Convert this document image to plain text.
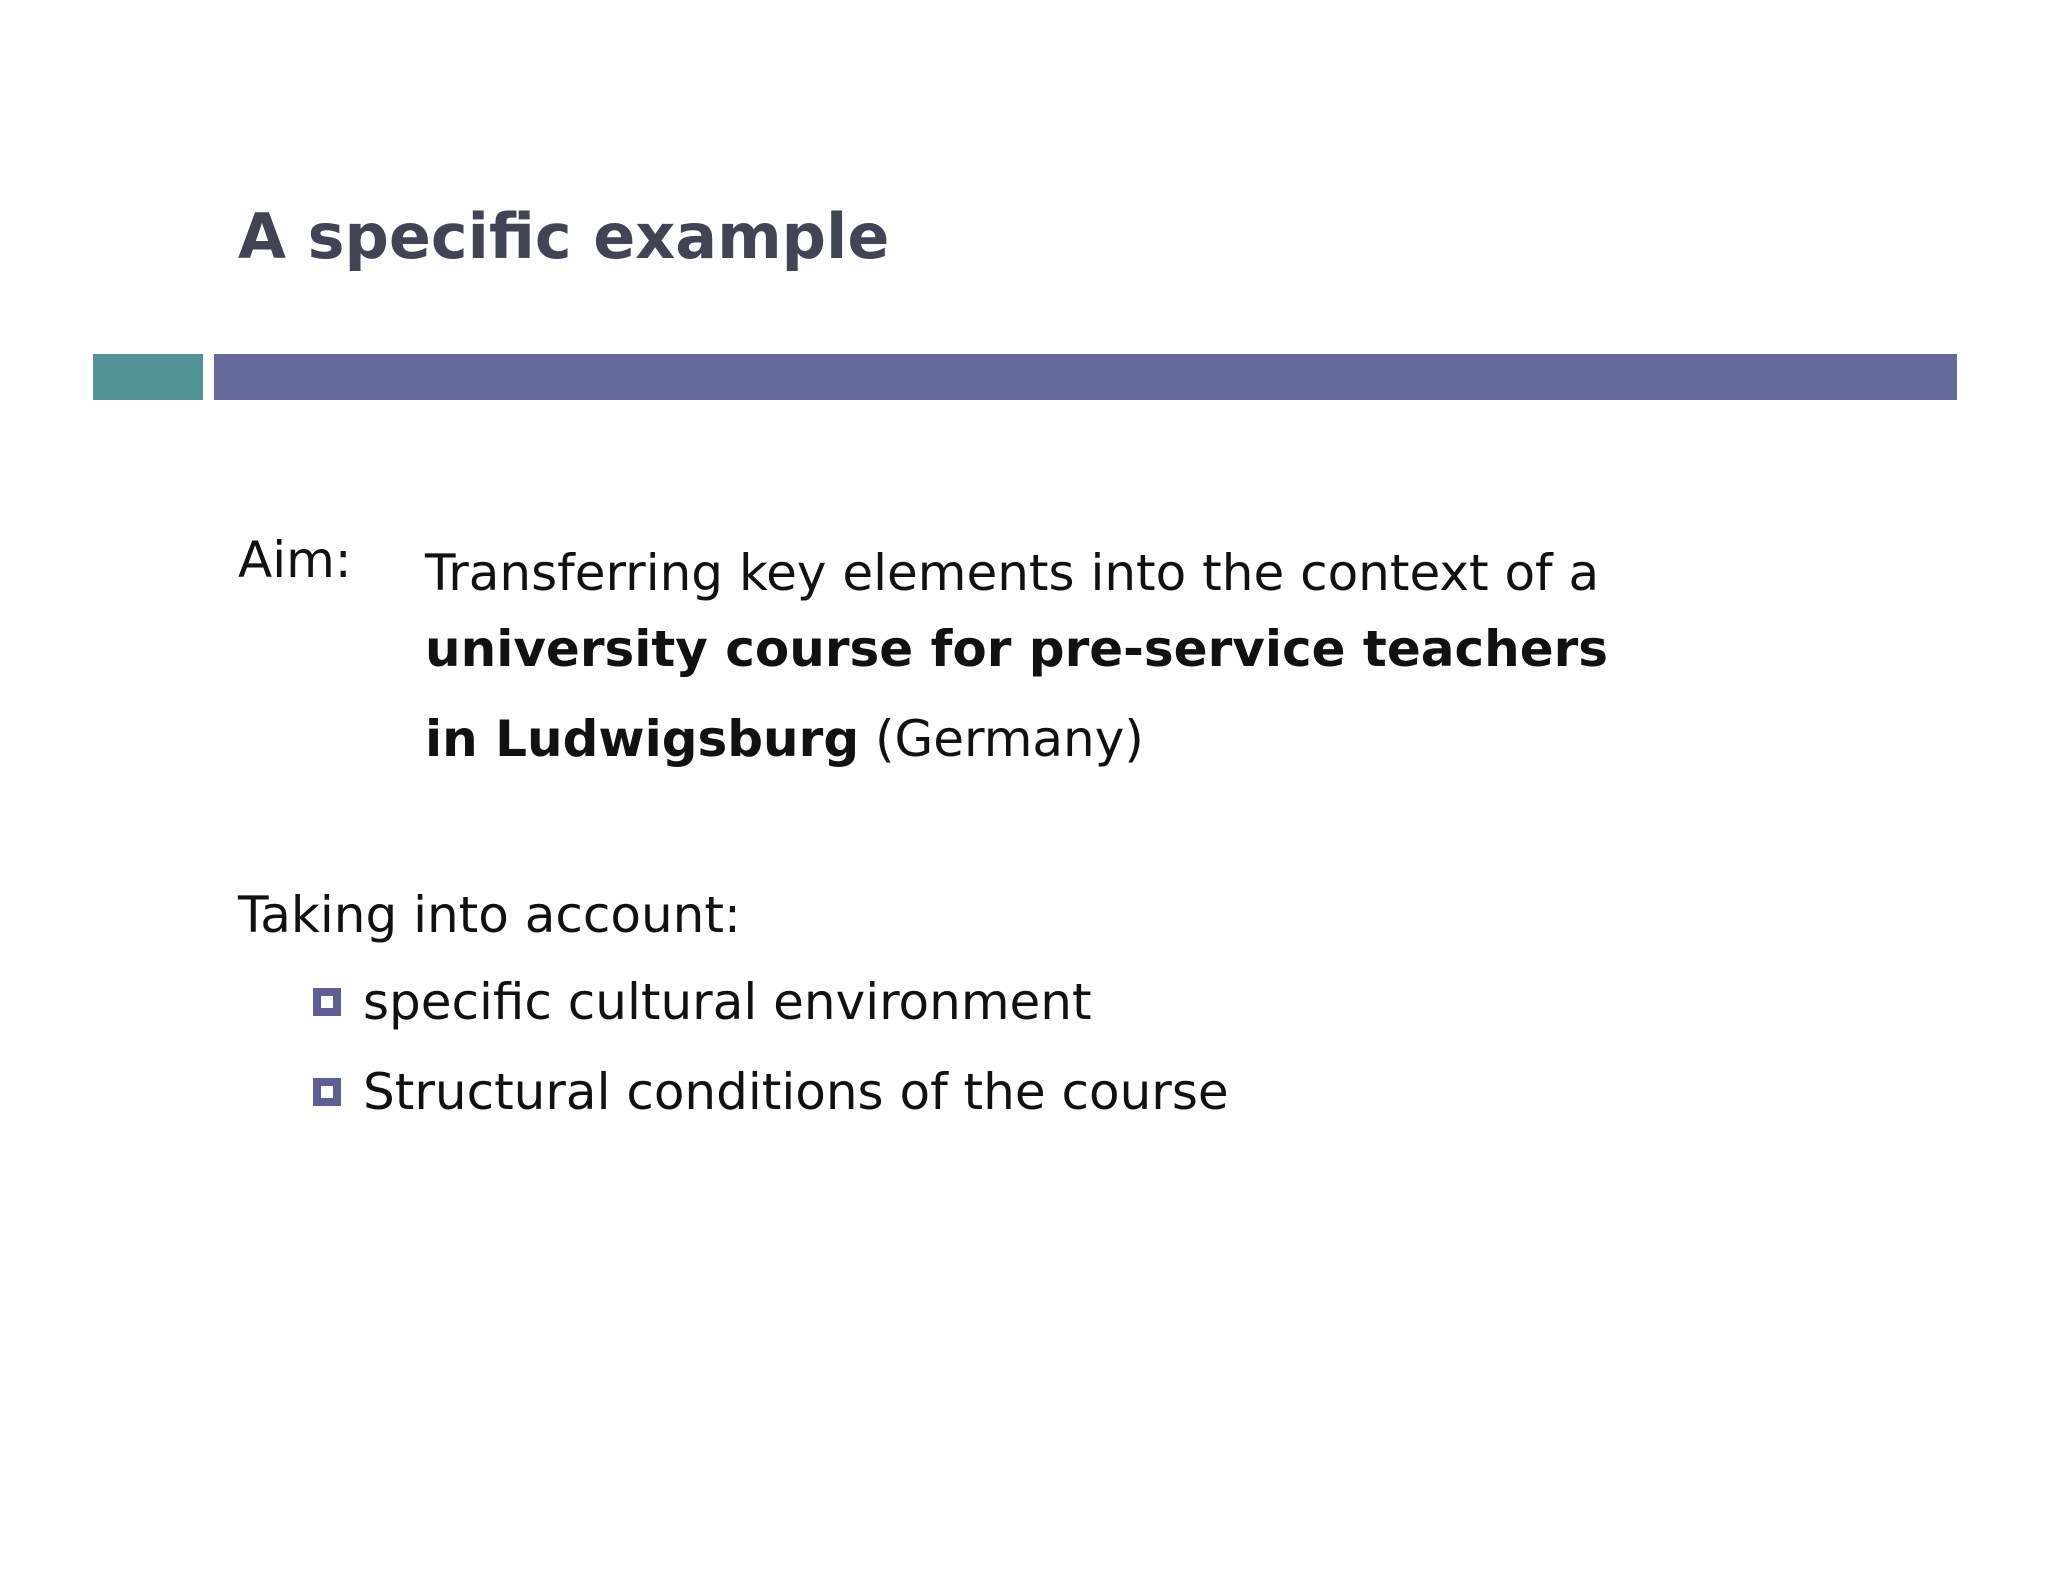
A specific example
Aim: Transferring key elements into the context of a
university course for pre-service teachers
in Ludwigsburg (Germany)
Taking into account:
specific cultural environment
Structural conditions of the course
